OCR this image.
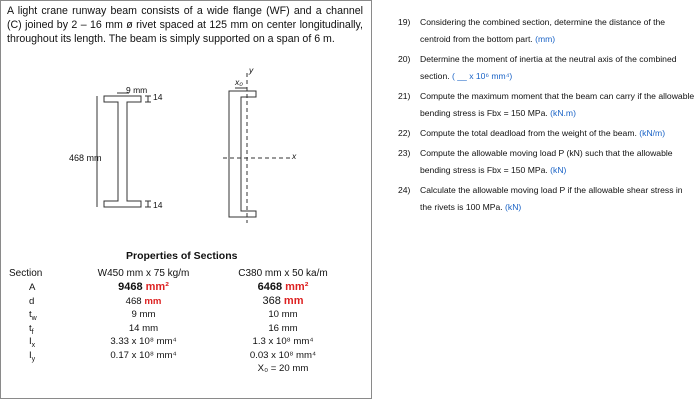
A light crane runway beam consists of a wide flange (WF) and a channel (C) joined by 2 – 16 mm ø rivet spaced at 125 mm on center longitudinally, throughout its length. The beam is simply supported on a span of 6 m.
9 mm
468 mm
14
14
x₀
y
x
Properties of Sections
Section
A
d
$t_w$
$t_f$
$I_x$
$I_y$
W450 mm x 75 kg/m
9468 mm²
468 mm
9 mm
14 mm
3.33 x 10⁸ mm⁴
0.17 x 10⁸ mm⁴
C380 mm x 50 ka/m
6468 mm²
368 mm
10 mm
16 mm
1.3 x 10⁸ mm⁴
0.03 x 10⁸ mm⁴
X₀ = 20 mm
19) Considering the combined section, determine the distance of the centroid from the bottom part. (mm)
20) Determine the moment of inertia at the neutral axis of the combined section. ( __ x 10⁶ mm⁴)
21) Compute the maximum moment that the beam can carry if the allowable bending stress is Fbx = 150 MPa. (kN.m)
22) Compute the total deadload from the weight of the beam. (kN/m)
23) Compute the allowable moving load P (kN) such that the allowable bending stress is Fbx = 150 MPa. (kN)
24) Calculate the allowable moving load P if the allowable shear stress in the rivets is 100 MPa. (kN)
